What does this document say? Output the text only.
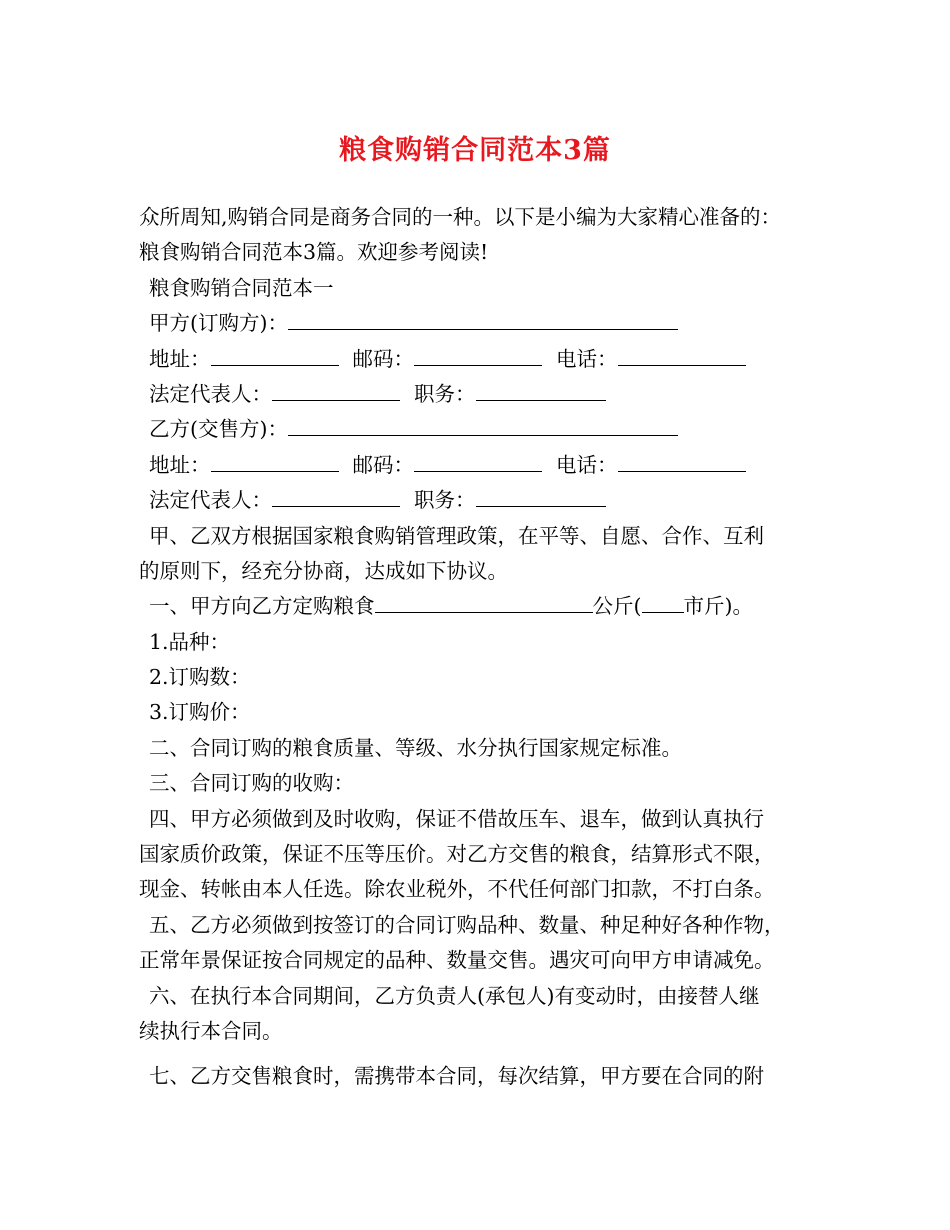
粮食购销合同范本3篇
众所周知,购销合同是商务合同的一种。以下是小编为大家精心准备的：
粮食购销合同范本3篇。欢迎参考阅读!
粮食购销合同范本一
甲方(订购方)：
地址：	邮码：	电话：
法定代表人：	职务：
乙方(交售方)：
地址：	邮码：	电话：
法定代表人：	职务：
甲、乙双方根据国家粮食购销管理政策，在平等、自愿、合作、互利
的原则下，经充分协商，达成如下协议。
一、甲方向乙方定购粮食	公斤( 市斤)。
1.品种：
2.订购数：
3.订购价：
二、合同订购的粮食质量、等级、水分执行国家规定标准。
三、合同订购的收购：
四、甲方必须做到及时收购，保证不借故压车、退车，做到认真执行
国家质价政策，保证不压等压价。对乙方交售的粮食，结算形式不限，
现金、转帐由本人任选。除农业税外，不代任何部门扣款，不打白条。
五、乙方必须做到按签订的合同订购品种、数量、种足种好各种作物，
正常年景保证按合同规定的品种、数量交售。遇灾可向甲方申请减免。
六、在执行本合同期间，乙方负责人(承包人)有变动时，由接替人继
续执行本合同。
七、乙方交售粮食时，需携带本合同，每次结算，甲方要在合同的附
